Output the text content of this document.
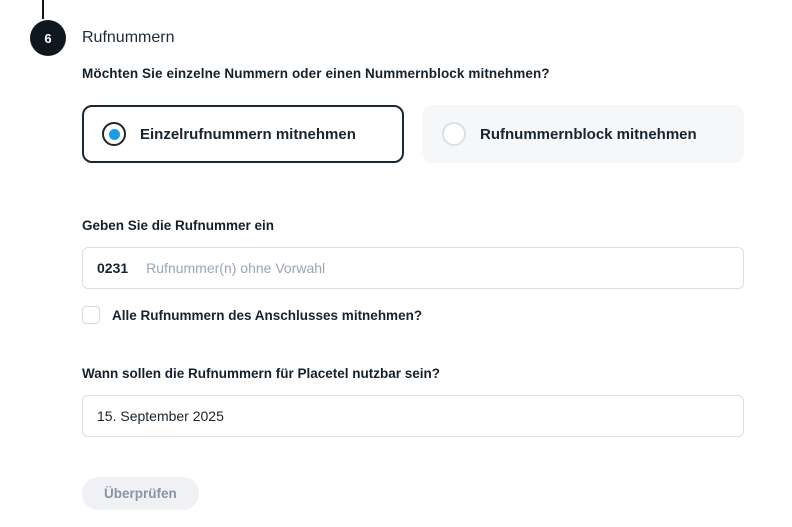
6 Rufnummern
Möchten Sie einzelne Nummern oder einen Nummernblock mitnehmen?
Einzelrufnummern mitnehmen	Rufnummernblock mitnehmen
Geben Sie die Rufnummer ein
0231
Rufnummer(n) ohne Vorwahl
Alle Rufnummern des Anschlusses mitnehmen?
Wann sollen die Rufnummern für Placetel nutzbar sein?
15. September 2025
Überprüfen
